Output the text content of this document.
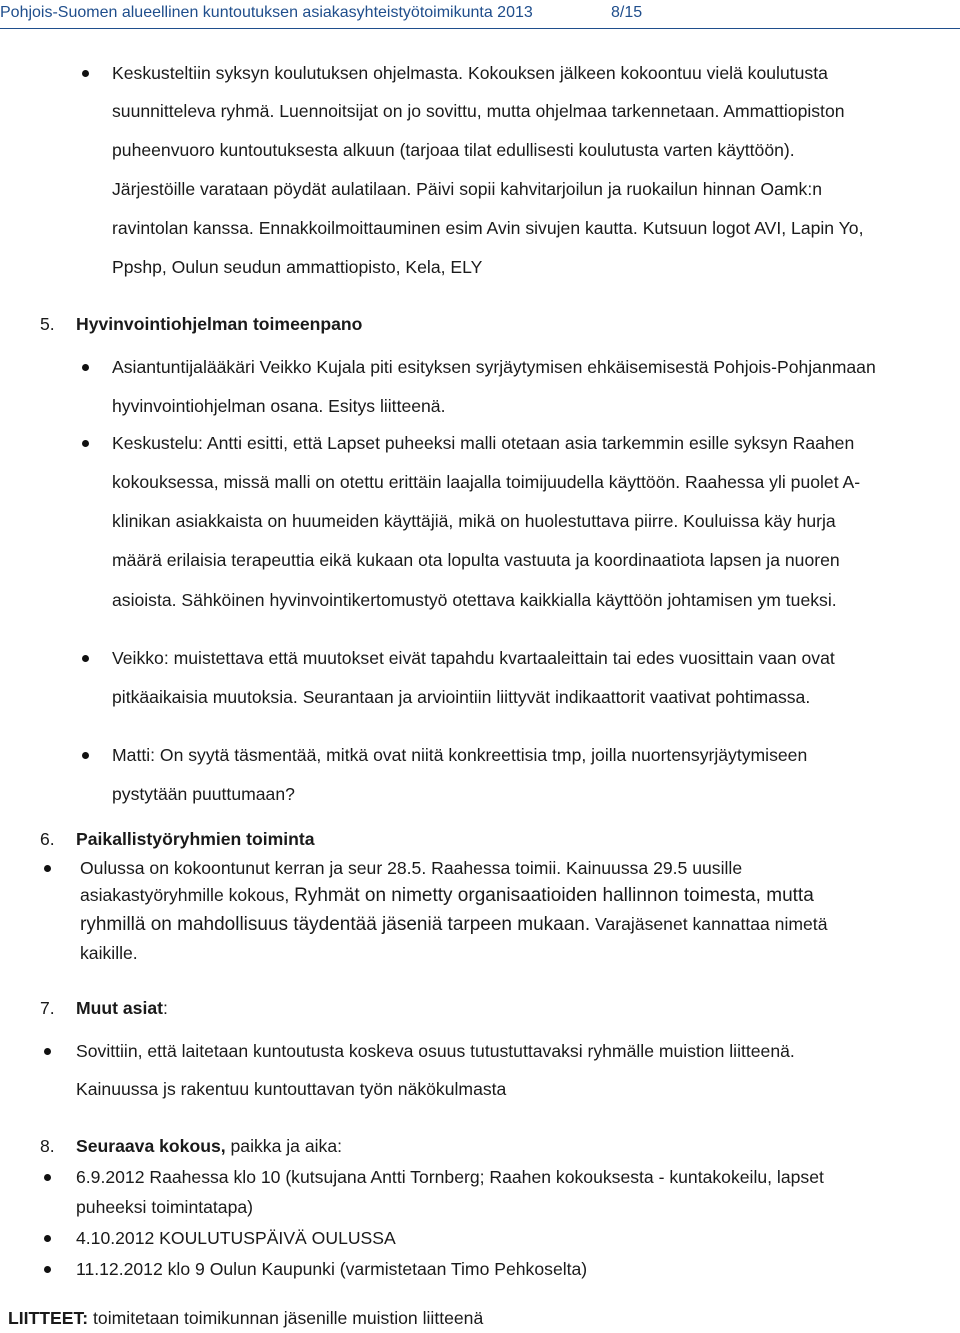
Pohjois-Suomen alueellinen kuntoutuksen asiakasyhteistyötoimikunta 2013	8/15
Keskusteltiin syksyn koulutuksen ohjelmasta. Kokouksen jälkeen kokoontuu vielä koulutusta
suunnitteleva ryhmä. Luennoitsijat on jo sovittu, mutta ohjelmaa tarkennetaan. Ammattiopiston
puheenvuoro kuntoutuksesta alkuun (tarjoaa tilat edullisesti koulutusta varten käyttöön).
Järjestöille varataan pöydät aulatilaan. Päivi sopii kahvitarjoilun ja ruokailun hinnan Oamk:n
ravintolan kanssa. Ennakkoilmoittauminen esim Avin sivujen kautta. Kutsuun logot AVI, Lapin Yo,
Ppshp, Oulun seudun ammattiopisto, Kela, ELY
5. Hyvinvointiohjelman toimeenpano
Asiantuntijalääkäri Veikko Kujala piti esityksen syrjäytymisen ehkäisemisestä Pohjois-Pohjanmaan
hyvinvointiohjelman osana. Esitys liitteenä.
Keskustelu: Antti esitti, että Lapset puheeksi malli otetaan asia tarkemmin esille syksyn Raahen
kokouksessa, missä malli on otettu erittäin laajalla toimijuudella käyttöön. Raahessa yli puolet A-
klinikan asiakkaista on huumeiden käyttäjiä, mikä on huolestuttava piirre. Kouluissa käy hurja
määrä erilaisia terapeuttia eikä kukaan ota lopulta vastuuta ja koordinaatiota lapsen ja nuoren
asioista. Sähköinen hyvinvointikertomustyö otettava kaikkialla käyttöön johtamisen ym tueksi.
Veikko: muistettava että muutokset eivät tapahdu kvartaaleittain tai edes vuosittain vaan ovat
pitkäaikaisia muutoksia. Seurantaan ja arviointiin liittyvät indikaattorit vaativat pohtimassa.
Matti: On syytä täsmentää, mitkä ovat niitä konkreettisia tmp, joilla nuortensyrjäytymiseen
pystytään puuttumaan?
6. Paikallistyöryhmien toiminta
Oulussa on kokoontunut kerran ja seur 28.5. Raahessa toimii. Kainuussa 29.5 uusille
asiakastyöryhmille kokous, Ryhmät on nimetty organisaatioiden hallinnon toimesta, mutta
ryhmillä on mahdollisuus täydentää jäseniä tarpeen mukaan. Varajäsenet kannattaa nimetä
kaikille.
7. Muut asiat:
Sovittiin, että laitetaan kuntoutusta koskeva osuus tutustuttavaksi ryhmälle muistion liitteenä.
Kainuussa js rakentuu kuntouttavan työn näkökulmasta
8. Seuraava kokous, paikka ja aika:
6.9.2012 Raahessa klo 10 (kutsujana Antti Tornberg; Raahen kokouksesta - kuntakokeilu, lapset
puheeksi toimintatapa)
4.10.2012 KOULUTUSPÄIVÄ OULUSSA
11.12.2012 klo 9 Oulun Kaupunki (varmistetaan Timo Pehkoselta)
LIITTEET: toimitetaan toimikunnan jäsenille muistion liitteenä
